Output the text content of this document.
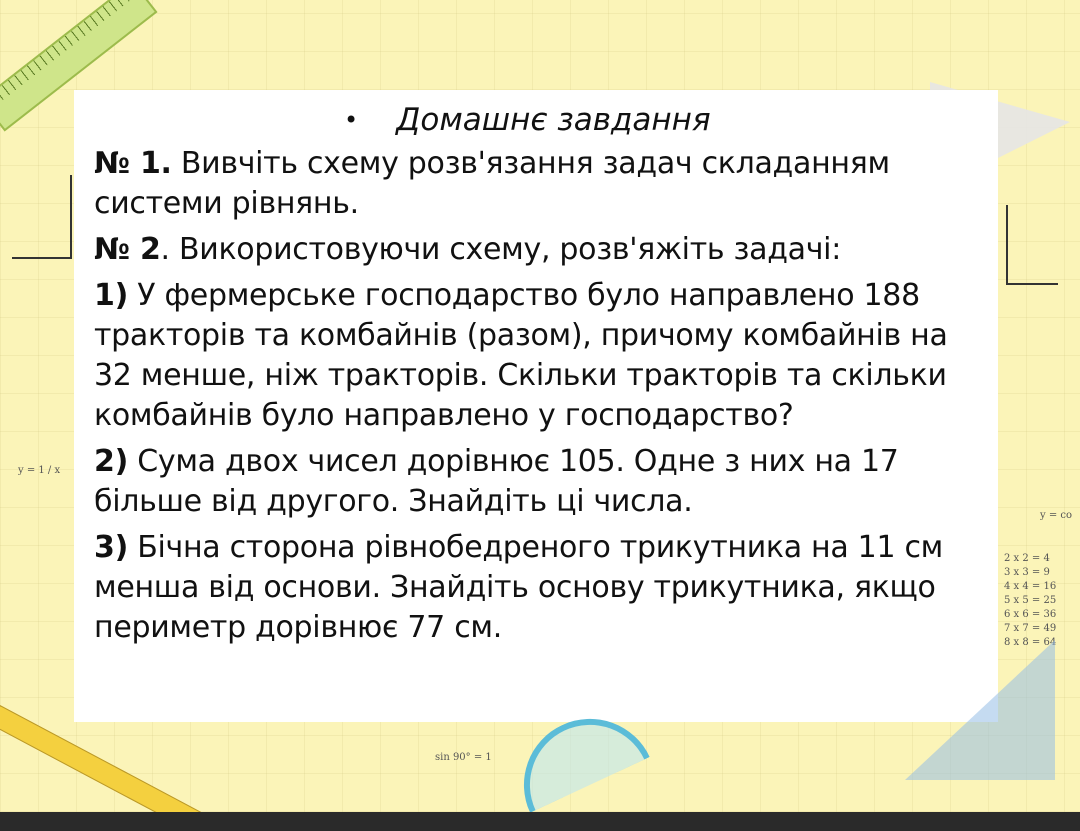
y = 1 / x
y = co
2 x 2 = 4
3 x 3 = 9
4 x 4 = 16
5 x 5 = 25
6 x 6 = 36
7 x 7 = 49
8 x 8 = 64
sin 90° = 1
• Домашнє завдання

№ 1. Вивчіть схему розв'язання задач складанням системи рівнянь.

№ 2. Використовуючи схему, розв'яжіть задачі:

1) У фермерське господарство було направлено 188 тракторів та комбайнів (разом), причому комбайнів на 32 менше, ніж тракторів. Скільки тракторів та скільки комбайнів було направлено у господарство?

2) Сума двох чисел дорівнює 105. Одне з них на 17 більше від другого. Знайдіть ці числа.

3) Бічна сторона рівнобедреного трикутника на 11 см менша від основи. Знайдіть основу трикутника, якщо периметр дорівнює 77 см.
